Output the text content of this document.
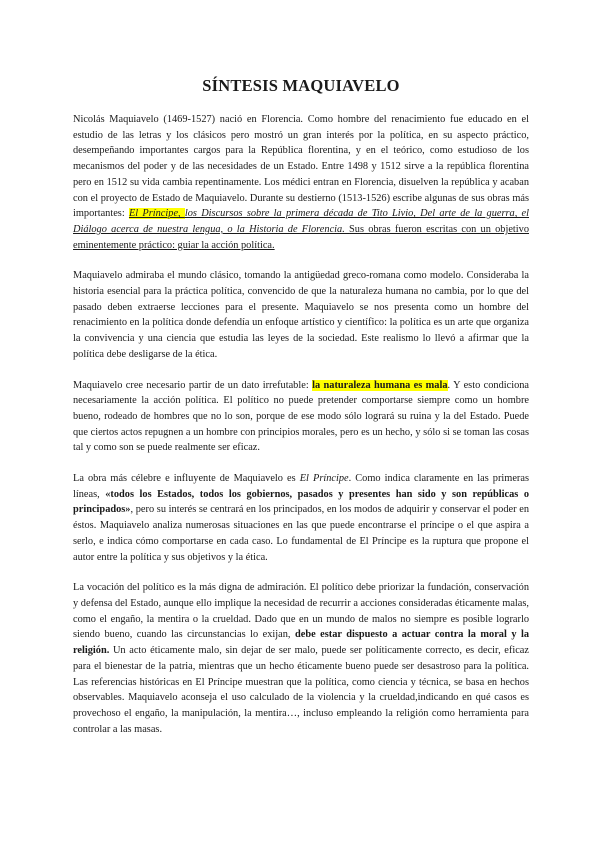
SÍNTESIS MAQUIAVELO

Nicolás Maquiavelo (1469-1527) nació en Florencia. Como hombre del renacimiento fue educado en el estudio de las letras y los clásicos pero mostró un gran interés por la política, en su aspecto práctico, desempeñando importantes cargos para la República florentina, y en el teórico, como estudioso de los mecanismos del poder y de las necesidades de un Estado. Entre 1498 y 1512 sirve a la república florentina pero en 1512 su vida cambia repentinamente. Los médici entran en Florencia, disuelven la república y acaban con el proyecto de Estado de Maquiavelo. Durante su destierno (1513-1526) escribe algunas de sus obras más importantes: El Príncipe, los Discursos sobre la primera década de Tito Livio, Del arte de la guerra, el Diálogo acerca de nuestra lengua, o la Historia de Florencia. Sus obras fueron escritas con un objetivo eminentemente práctico: guiar la acción política.

Maquiavelo admiraba el mundo clásico, tomando la antigüedad greco-romana como modelo. Consideraba la historia esencial para la práctica política, convencido de que la naturaleza humana no cambia, por lo que del pasado deben extraerse lecciones para el presente. Maquiavelo se nos presenta como un hombre del renacimiento en la política donde defendía un enfoque artístico y científico: la política es un arte que organiza la convivencia y una ciencia que estudia las leyes de la sociedad. Este realismo lo llevó a afirmar que la política debe desligarse de la ética.

Maquiavelo cree necesario partir de un dato irrefutable: la naturaleza humana es mala. Y esto condiciona necesariamente la acción política. El político no puede pretender comportarse siempre como un hombre bueno, rodeado de hombres que no lo son, porque de ese modo sólo logrará su ruina y la del Estado. Puede que ciertos actos repugnen a un hombre con principios morales, pero es un hecho, y sólo si se toman las cosas tal y como son se puede realmente ser eficaz.

La obra más célebre e influyente de Maquiavelo es El Príncipe. Como indica claramente en las primeras líneas, «todos los Estados, todos los gobiernos, pasados y presentes han sido y son repúblicas o principados», pero su interés se centrará en los principados, en los modos de adquirir y conservar el poder en éstos. Maquiavelo analiza numerosas situaciones en las que puede encontrarse el príncipe o el que aspira a serlo, e indica cómo comportarse en cada caso. Lo fundamental de El Príncipe es la ruptura que propone el autor entre la política y sus objetivos y la ética.

La vocación del político es la más digna de admiración. El político debe priorizar la fundación, conservación y defensa del Estado, aunque ello implique la necesidad de recurrir a acciones consideradas éticamente malas, como el engaño, la mentira o la crueldad. Dado que en un mundo de malos no siempre es posible lograrlo siendo bueno, cuando las circunstancias lo exijan, debe estar dispuesto a actuar contra la moral y la religión. Un acto éticamente malo, sin dejar de ser malo, puede ser políticamente correcto, es decir, eficaz para el bienestar de la patria, mientras que un hecho éticamente bueno puede ser desastroso para la política. Las referencias históricas en El Príncipe muestran que la política, como ciencia y técnica, se basa en hechos observables. Maquiavelo aconseja el uso calculado de la violencia y la crueldad,indicando en qué casos es provechoso el engaño, la manipulación, la mentira…, incluso empleando la religión como herramienta para controlar a las masas.
